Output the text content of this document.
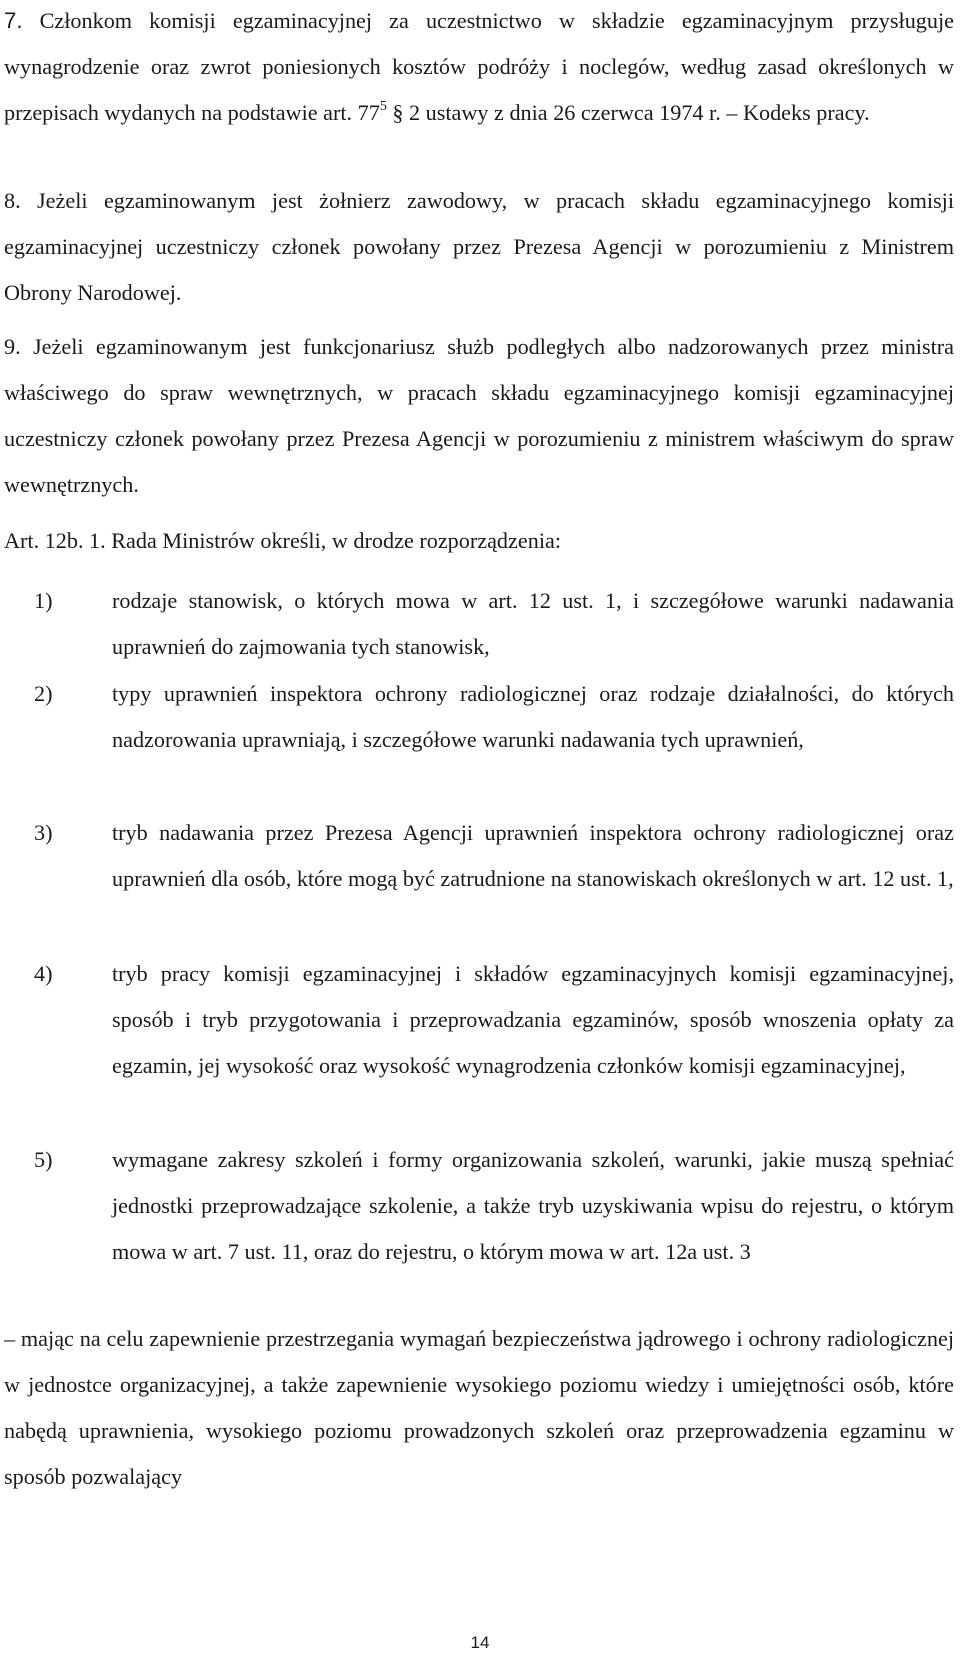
7. Członkom komisji egzaminacyjnej za uczestnictwo w składzie egzaminacyjnym przysługuje wynagrodzenie oraz zwrot poniesionych kosztów podróży i noclegów, według zasad określonych w przepisach wydanych na podstawie art. $77^5$ § 2 ustawy z dnia 26 czerwca 1974 r. – Kodeks pracy.

8. Jeżeli egzaminowanym jest żołnierz zawodowy, w pracach składu egzaminacyjnego komisji egzaminacyjnej uczestniczy członek powołany przez Prezesa Agencji w porozumieniu z Ministrem Obrony Narodowej.

9. Jeżeli egzaminowanym jest funkcjonariusz służb podległych albo nadzorowanych przez ministra właściwego do spraw wewnętrznych, w pracach składu egzaminacyjnego komisji egzaminacyjnej uczestniczy członek powołany przez Prezesa Agencji w porozumieniu z ministrem właściwym do spraw wewnętrznych.

Art. 12b. 1. Rada Ministrów określi, w drodze rozporządzenia:

1)	rodzaje stanowisk, o których mowa w art. 12 ust. 1, i szczegółowe warunki nadawania uprawnień do zajmowania tych stanowisk,
2)	typy uprawnień inspektora ochrony radiologicznej oraz rodzaje działalności, do których nadzorowania uprawniają, i szczegółowe warunki nadawania tych uprawnień,
3)	tryb nadawania przez Prezesa Agencji uprawnień inspektora ochrony radiologicznej oraz uprawnień dla osób, które mogą być zatrudnione na stanowiskach określonych w art. 12 ust. 1,
4)	tryb pracy komisji egzaminacyjnej i składów egzaminacyjnych komisji egzaminacyjnej, sposób i tryb przygotowania i przeprowadzania egzaminów, sposób wnoszenia opłaty za egzamin, jej wysokość oraz wysokość wynagrodzenia członków komisji egzaminacyjnej,
5)	wymagane zakresy szkoleń i formy organizowania szkoleń, warunki, jakie muszą spełniać jednostki przeprowadzające szkolenie, a także tryb uzyskiwania wpisu do rejestru, o którym mowa w art. 7 ust. 11, oraz do rejestru, o którym mowa w art. 12a ust. 3

– mając na celu zapewnienie przestrzegania wymagań bezpieczeństwa jądrowego i ochrony radiologicznej w jednostce organizacyjnej, a także zapewnienie wysokiego poziomu wiedzy i umiejętności osób, które nabędą uprawnienia, wysokiego poziomu prowadzonych szkoleń oraz przeprowadzenia egzaminu w sposób pozwalający

14
